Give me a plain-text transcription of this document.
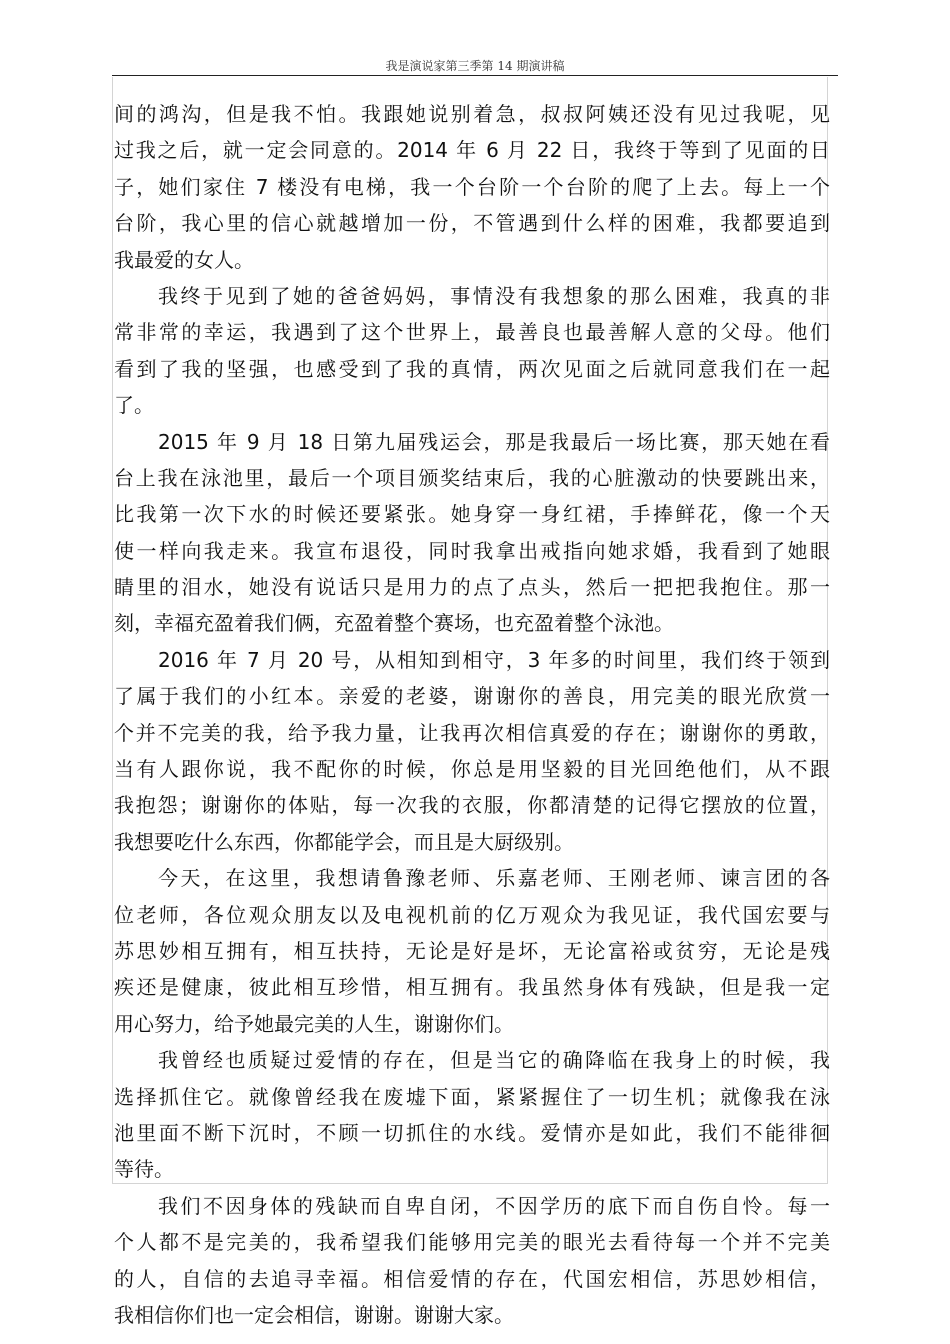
我是演说家第三季第 14 期演讲稿
间的鸿沟，但是我不怕。我跟她说别着急，叔叔阿姨还没有见过我呢，见
过我之后，就一定会同意的。2014 年 6 月 22 日，我终于等到了见面的日
子，她们家住 7 楼没有电梯，我一个台阶一个台阶的爬了上去。每上一个
台阶，我心里的信心就越增加一份，不管遇到什么样的困难，我都要追到
我最爱的女人。
我终于见到了她的爸爸妈妈，事情没有我想象的那么困难，我真的非
常非常的幸运，我遇到了这个世界上，最善良也最善解人意的父母。他们
看到了我的坚强，也感受到了我的真情，两次见面之后就同意我们在一起
了。
2015 年 9 月 18 日第九届残运会，那是我最后一场比赛，那天她在看
台上我在泳池里，最后一个项目颁奖结束后，我的心脏激动的快要跳出来，
比我第一次下水的时候还要紧张。她身穿一身红裙，手捧鲜花，像一个天
使一样向我走来。我宣布退役，同时我拿出戒指向她求婚，我看到了她眼
睛里的泪水，她没有说话只是用力的点了点头，然后一把把我抱住。那一
刻，幸福充盈着我们俩，充盈着整个赛场，也充盈着整个泳池。
2016 年 7 月 20 号，从相知到相守，3 年多的时间里，我们终于领到
了属于我们的小红本。亲爱的老婆，谢谢你的善良，用完美的眼光欣赏一
个并不完美的我，给予我力量，让我再次相信真爱的存在；谢谢你的勇敢，
当有人跟你说，我不配你的时候，你总是用坚毅的目光回绝他们，从不跟
我抱怨；谢谢你的体贴，每一次我的衣服，你都清楚的记得它摆放的位置，
我想要吃什么东西，你都能学会，而且是大厨级别。
今天，在这里，我想请鲁豫老师、乐嘉老师、王刚老师、谏言团的各
位老师，各位观众朋友以及电视机前的亿万观众为我见证，我代国宏要与
苏思妙相互拥有，相互扶持，无论是好是坏，无论富裕或贫穷，无论是残
疾还是健康，彼此相互珍惜，相互拥有。我虽然身体有残缺，但是我一定
用心努力，给予她最完美的人生，谢谢你们。
我曾经也质疑过爱情的存在，但是当它的确降临在我身上的时候，我
选择抓住它。就像曾经我在废墟下面，紧紧握住了一切生机；就像我在泳
池里面不断下沉时，不顾一切抓住的水线。爱情亦是如此，我们不能徘徊
等待。
我们不因身体的残缺而自卑自闭，不因学历的底下而自伤自怜。每一
个人都不是完美的，我希望我们能够用完美的眼光去看待每一个并不完美
的人，自信的去追寻幸福。相信爱情的存在，代国宏相信，苏思妙相信，
我相信你们也一定会相信，谢谢。谢谢大家。
